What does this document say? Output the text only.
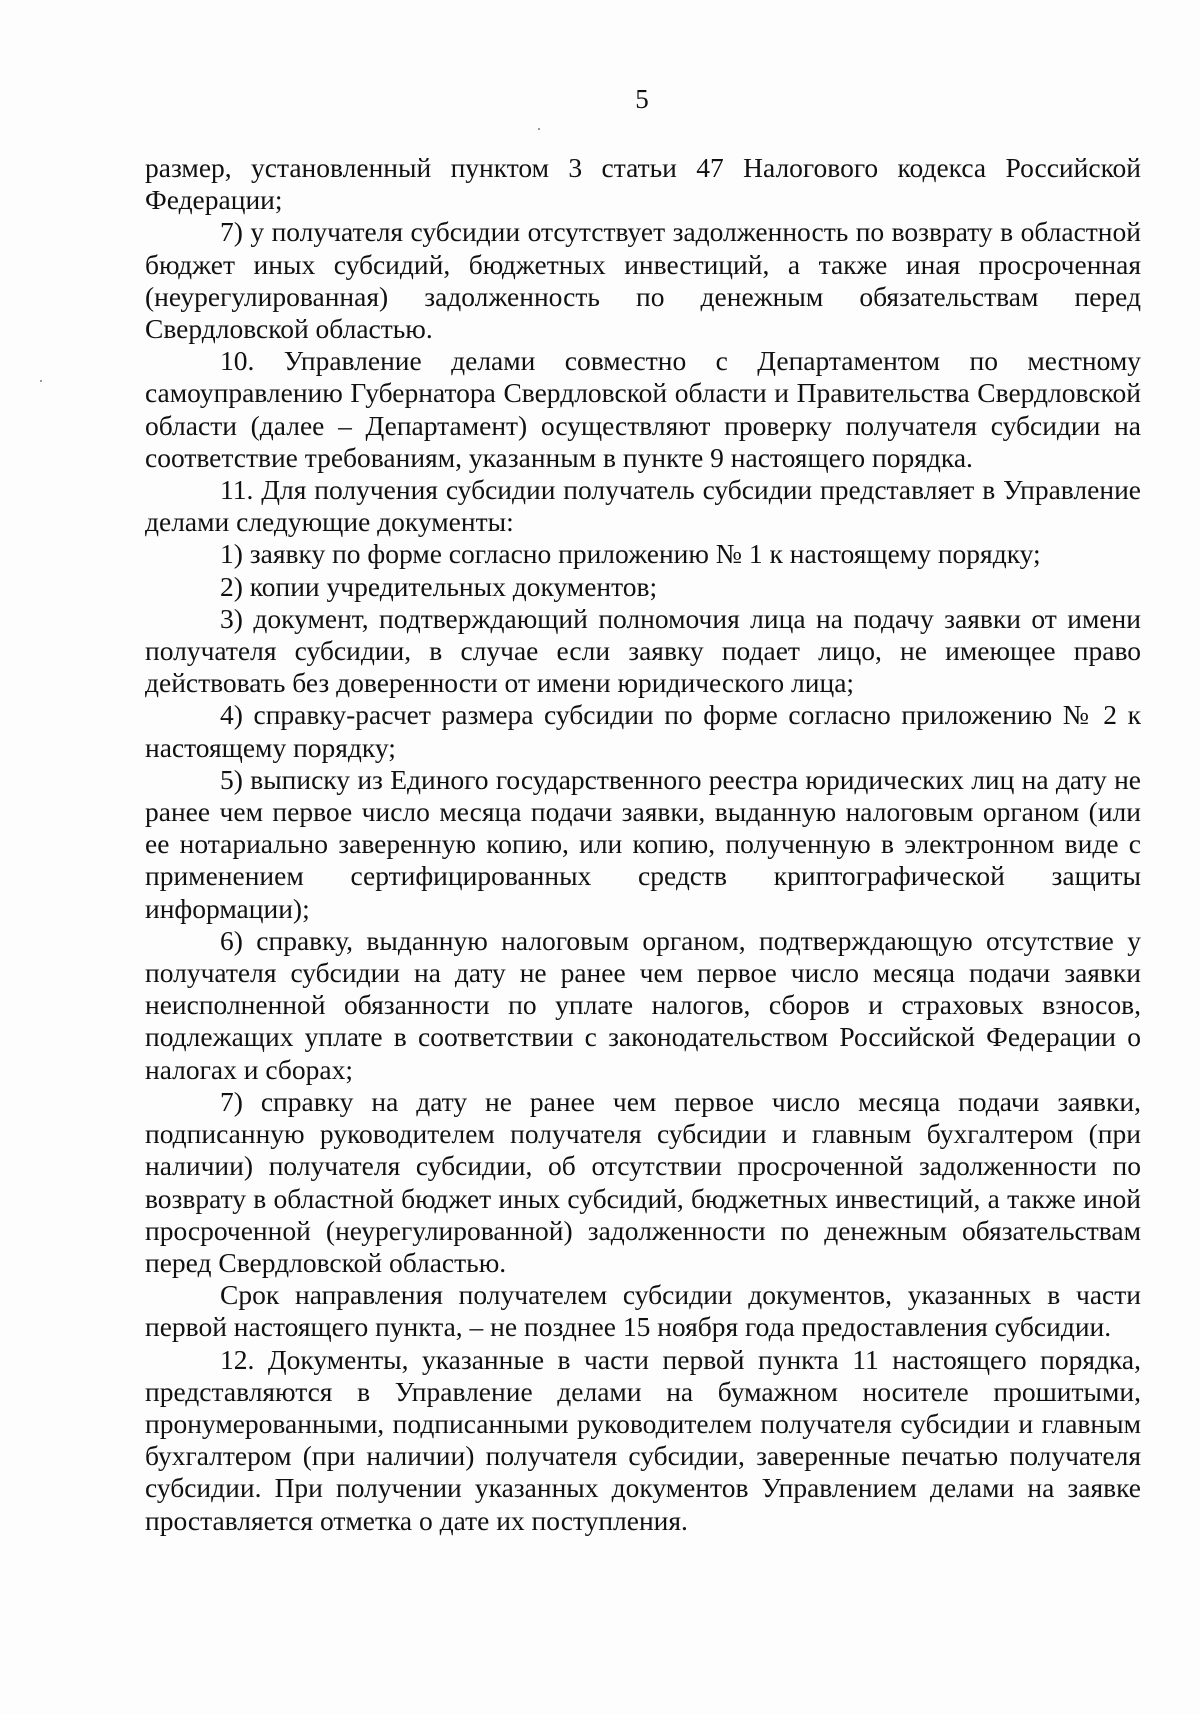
5

размер, установленный пунктом 3 статьи 47 Налогового кодекса Российской Федерации;

7) у получателя субсидии отсутствует задолженность по возврату в областной бюджет иных субсидий, бюджетных инвестиций, а также иная просроченная (неурегулированная) задолженность по денежным обязательствам перед Свердловской областью.

10. Управление делами совместно с Департаментом по местному самоуправлению Губернатора Свердловской области и Правительства Свердловской области (далее – Департамент) осуществляют проверку получателя субсидии на соответствие требованиям, указанным в пункте 9 настоящего порядка.

11. Для получения субсидии получатель субсидии представляет в Управление делами следующие документы:

1) заявку по форме согласно приложению № 1 к настоящему порядку;

2) копии учредительных документов;

3) документ, подтверждающий полномочия лица на подачу заявки от имени получателя субсидии, в случае если заявку подает лицо, не имеющее право действовать без доверенности от имени юридического лица;

4) справку-расчет размера субсидии по форме согласно приложению № 2 к настоящему порядку;

5) выписку из Единого государственного реестра юридических лиц на дату не ранее чем первое число месяца подачи заявки, выданную налоговым органом (или ее нотариально заверенную копию, или копию, полученную в электронном виде с применением сертифицированных средств криптографической защиты информации);

6) справку, выданную налоговым органом, подтверждающую отсутствие у получателя субсидии на дату не ранее чем первое число месяца подачи заявки неисполненной обязанности по уплате налогов, сборов и страховых взносов, подлежащих уплате в соответствии с законодательством Российской Федерации о налогах и сборах;

7) справку на дату не ранее чем первое число месяца подачи заявки, подписанную руководителем получателя субсидии и главным бухгалтером (при наличии) получателя субсидии, об отсутствии просроченной задолженности по возврату в областной бюджет иных субсидий, бюджетных инвестиций, а также иной просроченной (неурегулированной) задолженности по денежным обязательствам перед Свердловской областью.

Срок направления получателем субсидии документов, указанных в части первой настоящего пункта, – не позднее 15 ноября года предоставления субсидии.

12. Документы, указанные в части первой пункта 11 настоящего порядка, представляются в Управление делами на бумажном носителе прошитыми, пронумерованными, подписанными руководителем получателя субсидии и главным бухгалтером (при наличии) получателя субсидии, заверенные печатью получателя субсидии. При получении указанных документов Управлением делами на заявке проставляется отметка о дате их поступления.
